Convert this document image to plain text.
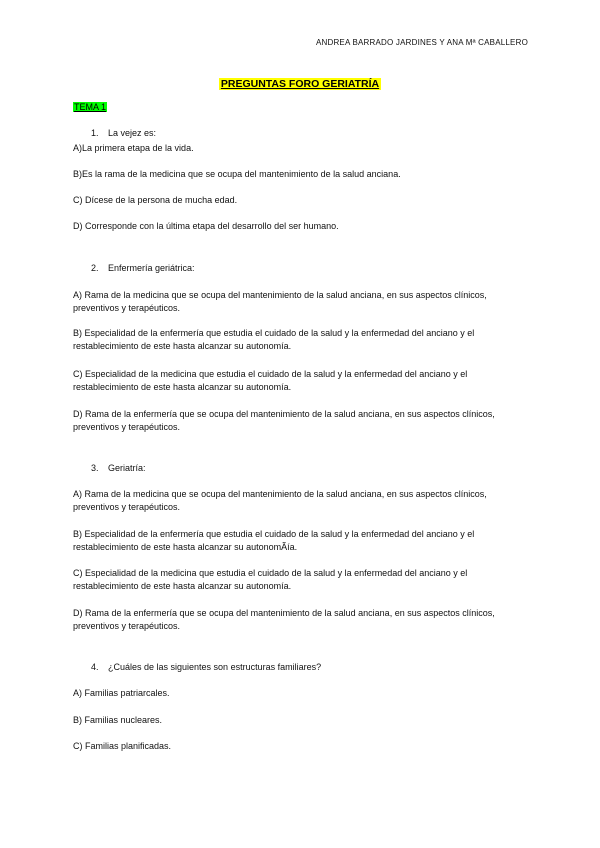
ANDREA BARRADO JARDINES Y ANA Mª CABALLERO
PREGUNTAS FORO GERIATRÍA
TEMA 1
1. La vejez es:

A)La primera etapa de la vida.

B)Es la rama de la medicina que se ocupa del mantenimiento de la salud anciana.

C) Dícese de la persona de mucha edad.

D) Corresponde con la última etapa del desarrollo del ser humano.

2. Enfermería geriátrica:

A) Rama de la medicina que se ocupa del mantenimiento de la salud anciana, en sus aspectos clínicos, preventivos y terapéuticos.

B) Especialidad de la enfermería que estudia el cuidado de la salud y la enfermedad del anciano y el restablecimiento de este hasta alcanzar su autonomía.

C) Especialidad de la medicina que estudia el cuidado de la salud y la enfermedad del anciano y el restablecimiento de este hasta alcanzar su autonomía.

D) Rama de la enfermería que se ocupa del mantenimiento de la salud anciana, en sus aspectos clínicos, preventivos y terapéuticos.

3. Geriatría:

A) Rama de la medicina que se ocupa del mantenimiento de la salud anciana, en sus aspectos clínicos, preventivos y terapéuticos.

B) Especialidad de la enfermería que estudia el cuidado de la salud y la enfermedad del anciano y el restablecimiento de este hasta alcanzar su autonomÃía.

C) Especialidad de la medicina que estudia el cuidado de la salud y la enfermedad del anciano y el restablecimiento de este hasta alcanzar su autonomía.

D) Rama de la enfermería que se ocupa del mantenimiento de la salud anciana, en sus aspectos clínicos, preventivos y terapéuticos.

4. ¿Cuáles de las siguientes son estructuras familiares?

A) Familias patriarcales.

B) Familias nucleares.

C) Familias planificadas.
